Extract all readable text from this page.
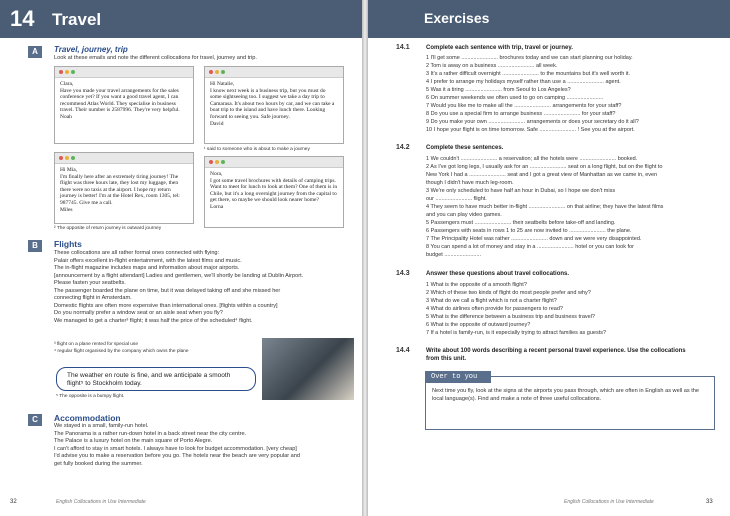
14 Travel
A	Travel, journey, trip
Look at these emails and note the different collocations for travel, journey and trip.
Clara,
Have you made your travel arrangements for the sales conference yet? If you want a good travel agent, I can recommend Atlas World. They specialise in business travel. Their number is 2587996. They're very helpful.
Noah
Hi Natalie,
I know next week is a business trip, but you must do some sightseeing too. I suggest we take a day trip to Camarasa. It's about two hours by car, and we can take a boat trip to the island and have lunch there. Looking forward to seeing you. Safe journey.
David
¹ said to someone who is about to make a journey
Hi Mia,
I'm finally here after an extremely tiring journey! The flight was three hours late, they lost my luggage, then there were no taxis at the airport. I hope my return journey is better! I'm at the Hotel Rex, room 1305, tel: 987745. Give me a call.
Miles
Nora,
I got some travel brochures with details of camping trips. Want to meet for lunch to look at them? One of them is in Chile, but it's a long overnight journey from the capital to get there, so maybe we should look nearer home?
Lorna
² The opposite of return journey is outward journey
B	Flights
These collocations are all rather formal ones connected with flying:
Palair offers excellent in-flight entertainment, with the latest films and music.
The in-flight magazine includes maps and information about major airports.
[announcement by a flight attendant] Ladies and gentlemen, we'll shortly be landing at Dublin Airport.
Please fasten your seatbelts.
The passenger boarded the plane on time, but it was delayed taking off and she missed her
connecting flight in Amsterdam.
Domestic flights are often more expensive than international ones. [flights within a country]
Do you normally prefer a window seat or an aisle seat when you fly?
We managed to get a charter³ flight; it was half the price of the scheduled⁴ flight.
³ flight on a plane rented for special use
⁴ regular flight organised by the company which owns the plane
The weather en route is fine, and we anticipate a smooth flight⁵ to Stockholm today.
⁵ The opposite is a bumpy flight.
C	Accommodation
We stayed in a small, family-run hotel.
The Panorama is a rather run-down hotel in a back street near the city centre.
The Palace is a luxury hotel on the main square of Porto Alegre.
I can't afford to stay in smart hotels. I always have to look for budget accommodation. [very cheap]
I'd advise you to make a reservation before you go. The hotels near the beach are very popular and
get fully booked during the summer.
32	English Collocations in Use Intermediate
Exercises
14.1	Complete each sentence with trip, travel or journey.
1 I'll get some ........................ brochures today and we can start planning our holiday.
2 Tom is away on a business ........................ all week.
3 It's a rather difficult overnight ........................ to the mountains but it's well worth it.
4 I prefer to arrange my holidays myself rather than use a ........................ agent.
5 Was it a tiring ........................ from Seoul to Los Angeles?
6 On summer weekends we often used to go on camping ........................
7 Would you like me to make all the ........................ arrangements for your staff?
8 Do you use a special firm to arrange business ........................ for your staff?
9 Do you make your own ........................ arrangements or does your secretary do it all?
10 I hope your flight is on time tomorrow. Safe ........................ ! See you at the airport.
14.2	Complete these sentences.
1 We couldn't ........................ a reservation; all the hotels were ........................ booked.
2 As I've got long legs, I usually ask for an ........................ seat on a long flight, but on the flight to
New York I had a ........................ seat and I got a great view of Manhattan as we came in, even
though I didn't have much leg-room.
3 We're only scheduled to have half an hour in Dubai, so I hope we don't miss
our ........................ flight.
4 They seem to have much better in-flight ........................ on that airline; they have the latest films
and you can play video games.
5 Passengers must ........................ their seatbelts before take-off and landing.
6 Passengers with seats in rows 1 to 25 are now invited to ........................ the plane.
7 The Principality Hotel was rather ........................ down and we were very disappointed.
8 You can spend a lot of money and stay in a ........................ hotel or you can look for
budget ........................
14.3	Answer these questions about travel collocations.
1 What is the opposite of a smooth flight?
2 Which of these two kinds of flight do most people prefer and why?
3 What do we call a flight which is not a charter flight?
4 What do airlines often provide for passengers to read?
5 What is the difference between a business trip and business travel?
6 What is the opposite of outward journey?
7 If a hotel is family-run, is it especially trying to attract families as guests?
14.4	Write about 100 words describing a recent personal travel experience. Use the collocations
from this unit.
Over to you
Next time you fly, look at the signs at the airports you pass through, which are often in English as well as the local language(s). Find and make a note of three useful collocations.
English Collocations in Use Intermediate	33
